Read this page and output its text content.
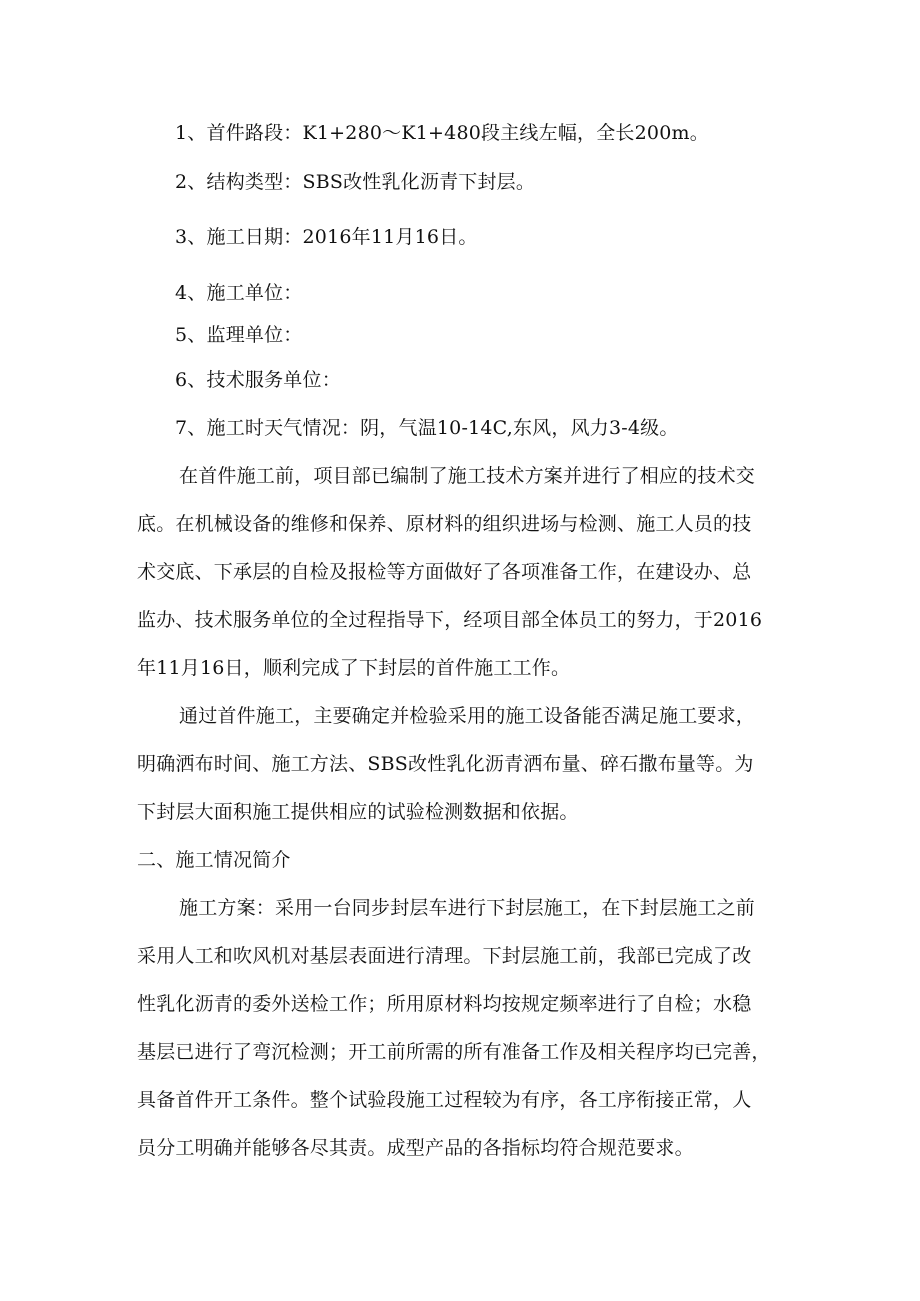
1、首件路段：K1+280～K1+480段主线左幅，全长200m。
2、结构类型：SBS改性乳化沥青下封层。
3、施工日期：2016年11月16日。
4、施工单位：
5、监理单位：
6、技术服务单位：
7、施工时天气情况：阴，气温10-14C,东风，风力3-4级。
在首件施工前，项目部已编制了施工技术方案并进行了相应的技术交
底。在机械设备的维修和保养、原材料的组织进场与检测、施工人员的技
术交底、下承层的自检及报检等方面做好了各项准备工作，在建设办、总
监办、技术服务单位的全过程指导下，经项目部全体员工的努力，于2016
年11月16日，顺利完成了下封层的首件施工工作。
通过首件施工，主要确定并检验采用的施工设备能否满足施工要求，
明确洒布时间、施工方法、SBS改性乳化沥青洒布量、碎石撒布量等。为
下封层大面积施工提供相应的试验检测数据和依据。
二、施工情况简介
施工方案：采用一台同步封层车进行下封层施工，在下封层施工之前
采用人工和吹风机对基层表面进行清理。下封层施工前，我部已完成了改
性乳化沥青的委外送检工作；所用原材料均按规定频率进行了自检；水稳
基层已进行了弯沉检测；开工前所需的所有准备工作及相关程序均已完善，
具备首件开工条件。整个试验段施工过程较为有序，各工序衔接正常，人
员分工明确并能够各尽其责。成型产品的各指标均符合规范要求。
